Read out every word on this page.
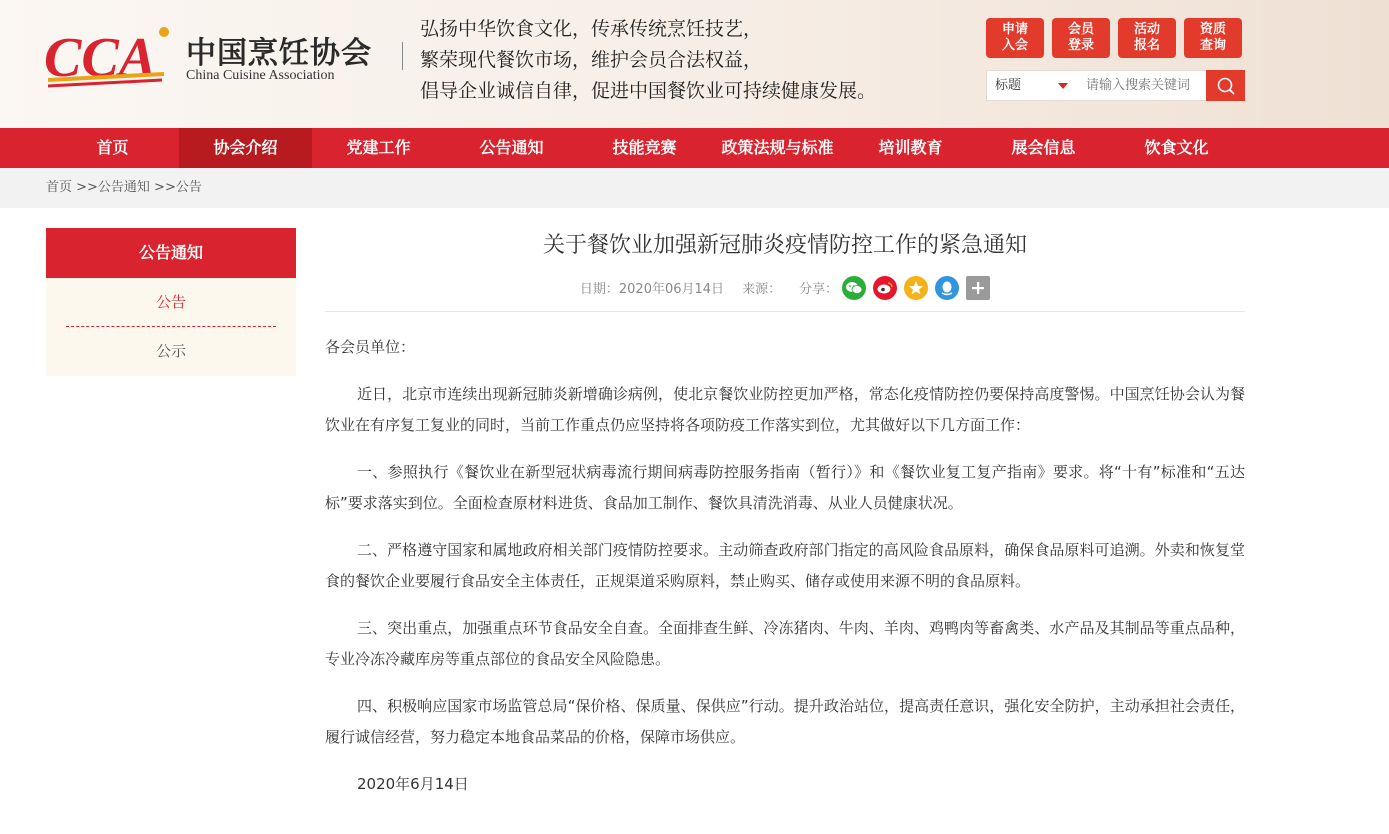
CCA 中国烹饪协会
China Cuisine Association
弘扬中华饮食文化，传承传统烹饪技艺，
繁荣现代餐饮市场，维护会员合法权益，
倡导企业诚信自律，促进中国餐饮业可持续健康发展。
申请
入会
会员
登录
活动
报名
资质
查询
标题
请输入搜索关键词
首页	协会介绍	党建工作	公告通知	技能竞赛	政策法规与标准	培训教育	展会信息	饮食文化
首页 >>公告通知 >>公告
公告通知
公告
公示
关于餐饮业加强新冠肺炎疫情防控工作的紧急通知
日期：2020年06月14日 来源： 分享：

各会员单位：

近日，北京市连续出现新冠肺炎新增确诊病例，使北京餐饮业防控更加严格，常态化疫情防控仍要保持高度警惕。中国烹饪协会认为餐饮业在有序复工复业的同时，当前工作重点仍应坚持将各项防疫工作落实到位，尤其做好以下几方面工作：

一、参照执行《餐饮业在新型冠状病毒流行期间病毒防控服务指南（暂行）》和《餐饮业复工复产指南》要求。将“十有”标准和“五达标”要求落实到位。全面检查原材料进货、食品加工制作、餐饮具清洗消毒、从业人员健康状况。

二、严格遵守国家和属地政府相关部门疫情防控要求。主动筛查政府部门指定的高风险食品原料，确保食品原料可追溯。外卖和恢复堂食的餐饮企业要履行食品安全主体责任，正规渠道采购原料，禁止购买、储存或使用来源不明的食品原料。

三、突出重点，加强重点环节食品安全自查。全面排查生鲜、冷冻猪肉、牛肉、羊肉、鸡鸭肉等畜禽类、水产品及其制品等重点品种，专业冷冻冷藏库房等重点部位的食品安全风险隐患。

四、积极响应国家市场监管总局“保价格、保质量、保供应”行动。提升政治站位，提高责任意识，强化安全防护，主动承担社会责任，履行诚信经营，努力稳定本地食品菜品的价格，保障市场供应。

2020年6月14日
